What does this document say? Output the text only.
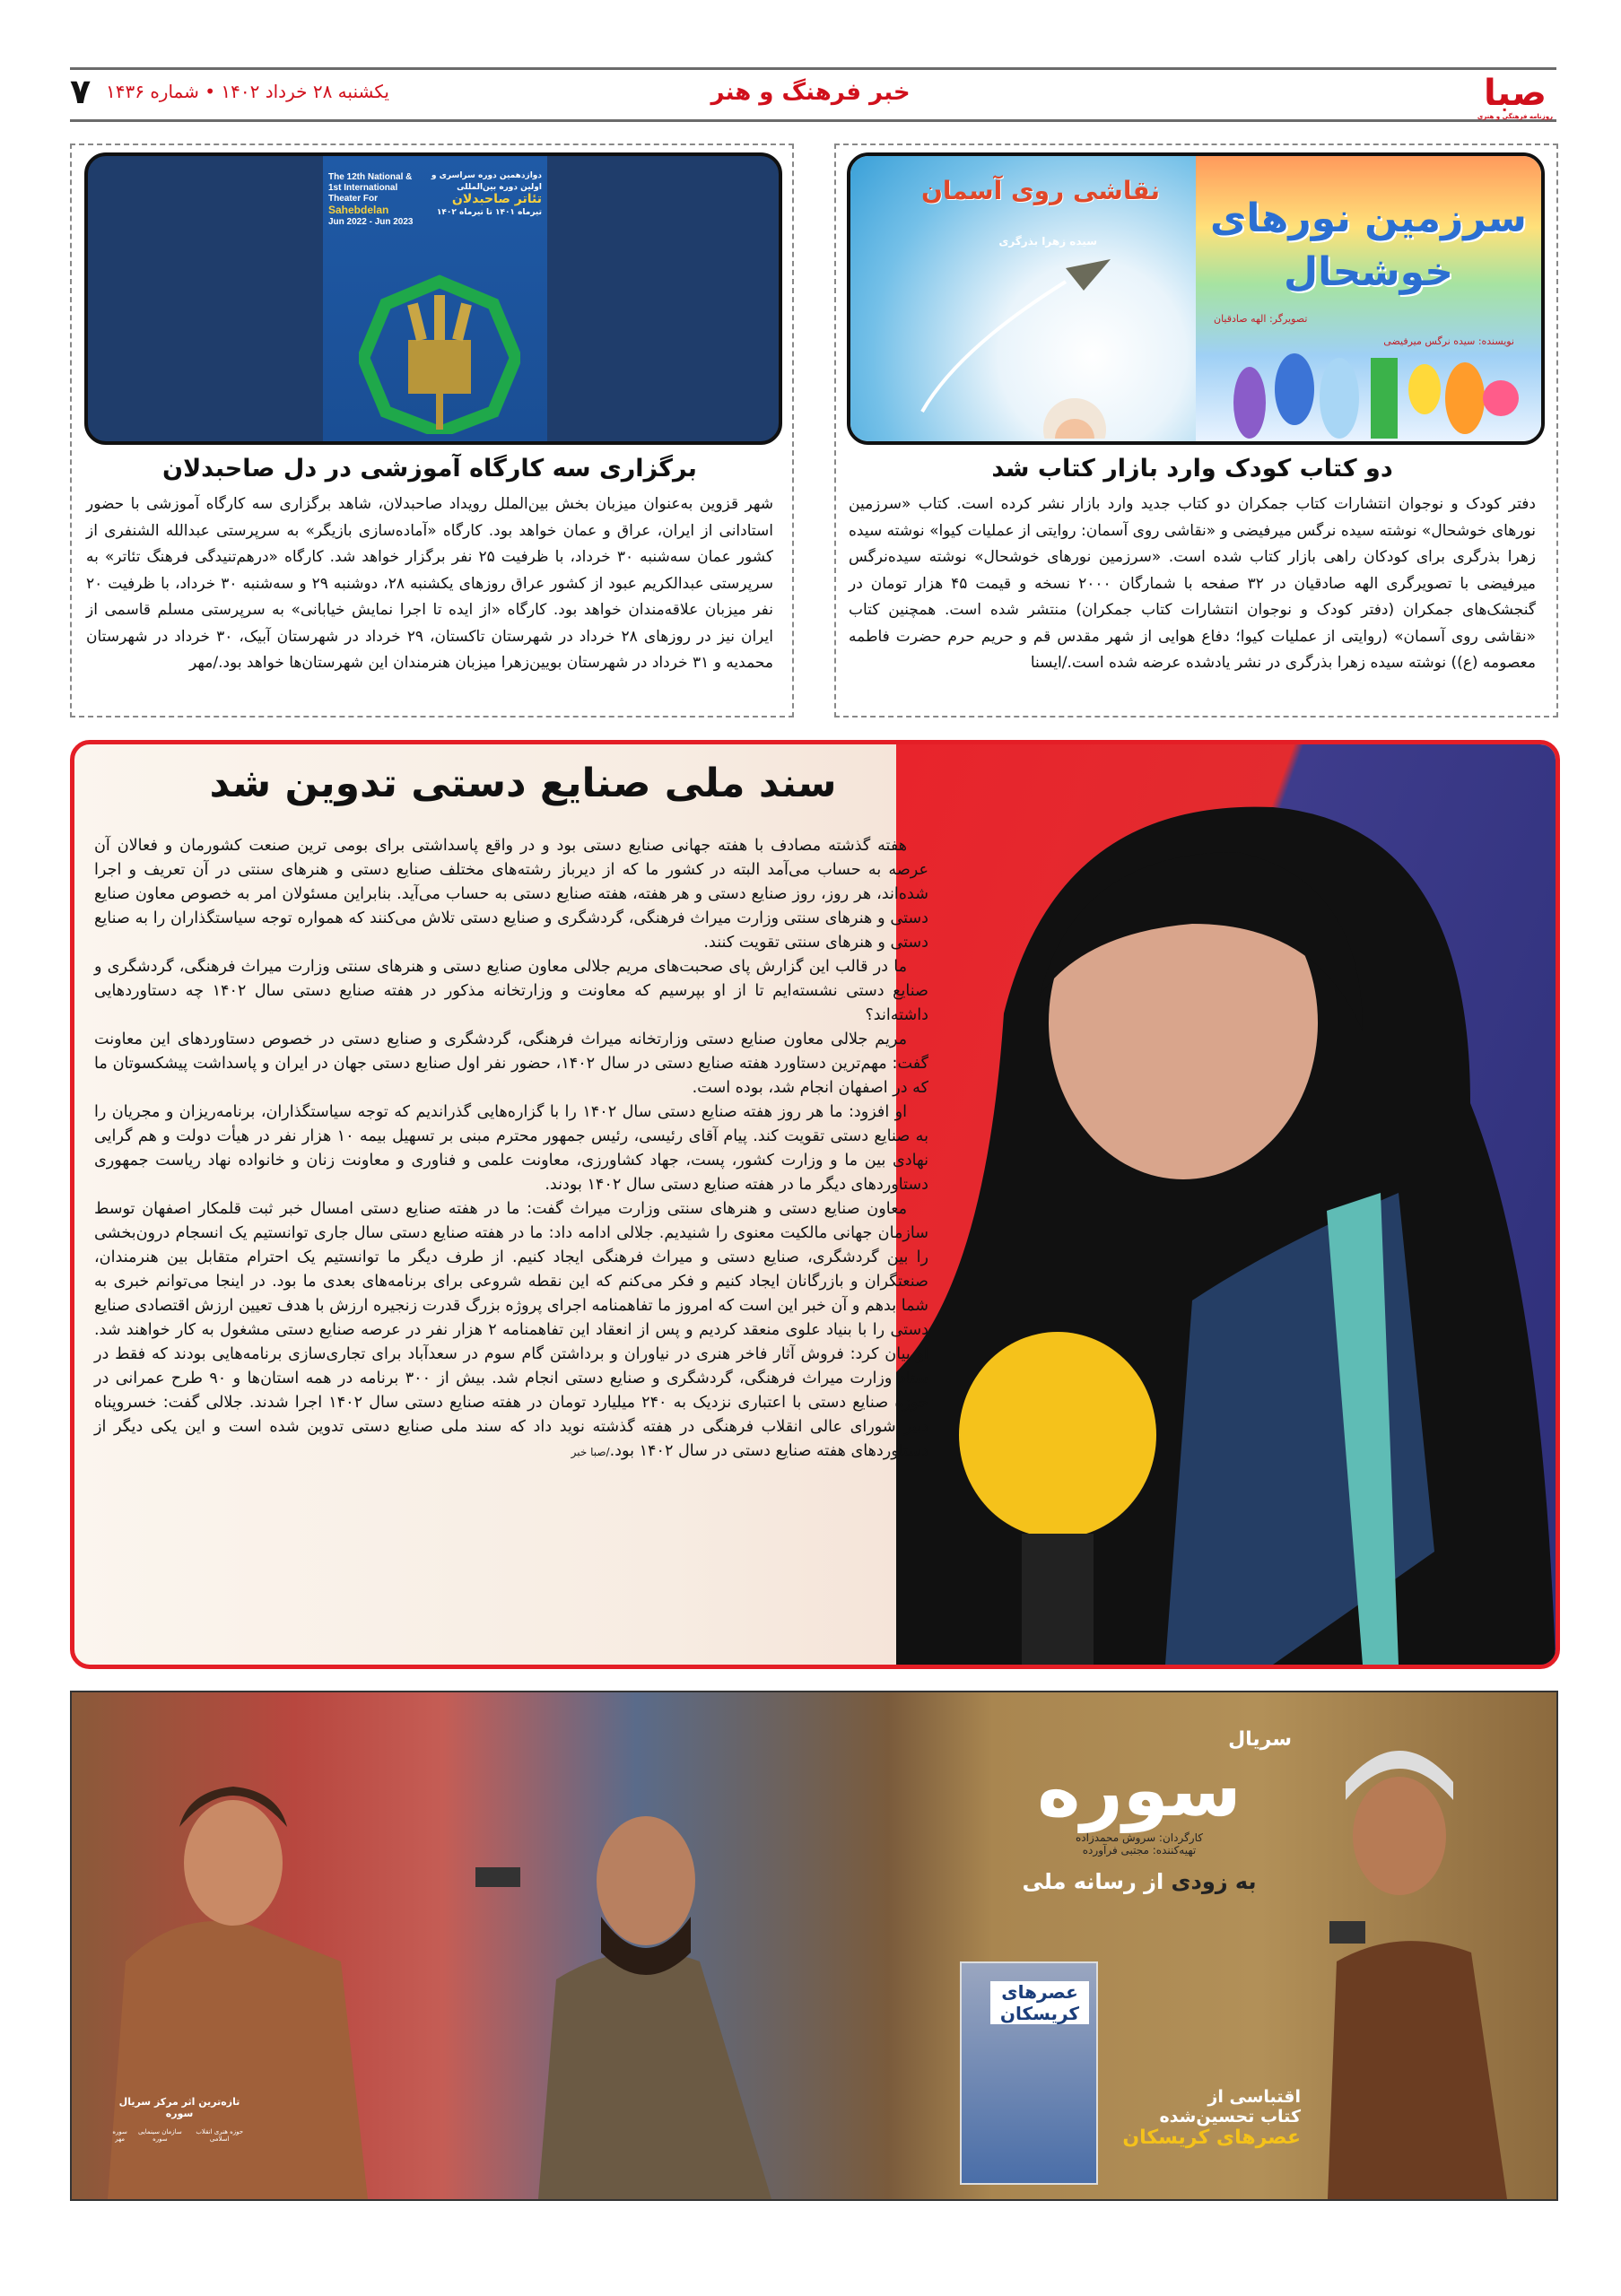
صبا
روزنامه فرهنگی و هنری
خبر فرهنگ و هنر
یکشنبه ۲۸ خرداد ۱۴۰۲ • شماره ۱۴۳۶
۷
سرزمین نورهای خوشحال
نویسنده: سیده نرگس میرفیضی
تصویرگر: الهه صادقیان
نقاشی روی آسمان
سیده زهرا بذرگری
دو کتاب کودک وارد بازار کتاب شد
دفتر کودک و نوجوان انتشارات کتاب جمکران دو کتاب جدید وارد بازار نشر کرده است. کتاب «سرزمین نورهای خوشحال» نوشته سیده نرگس میرفیضی و «نقاشی روی آسمان: روایتی از عملیات کیوا» نوشته سیده زهرا بذرگری برای کودکان راهی بازار کتاب شده است. «سرزمین نورهای خوشحال» نوشته سیده‌نرگس میرفیضی با تصویرگری الهه صادقیان در ۳۲ صفحه با شمارگان ۲۰۰۰ نسخه و قیمت ۴۵ هزار تومان در گنجشک‌های جمکران (دفتر کودک و نوجوان انتشارات کتاب جمکران) منتشر شده است. همچنین کتاب «نقاشی روی آسمان» (روایتی از عملیات کیوا؛ دفاع هوایی از شهر مقدس قم و حریم حرم حضرت فاطمه معصومه (ع)) نوشته سیده زهرا بذرگری در نشر یادشده عرضه شده است./ایسنا
The 12th National & 1st International Theater For
Sahebdelan
Jun 2022 - Jun 2023
دوازدهمین دوره سراسری و اولین دوره بین‌المللی
تئاتر صاحبدلان
تیرماه ۱۴۰۱ تا تیرماه ۱۴۰۲
برگزاری سه کارگاه آموزشی در دل صاحبدلان
شهر قزوین به‌عنوان میزبان بخش بین‌الملل رویداد صاحبدلان، شاهد برگزاری سه کارگاه آموزشی با حضور استادانی از ایران، عراق و عمان خواهد بود. کارگاه «آماده‌سازی بازیگر» به سرپرستی عبدالله الشنفری از کشور عمان سه‌شنبه ۳۰ خرداد، با ظرفیت ۲۵ نفر برگزار خواهد شد. کارگاه «درهم‌تنیدگی فرهنگ تئاتر» به سرپرستی عبدالکریم عبود از کشور عراق روزهای یکشنبه ۲۸، دوشنبه ۲۹ و سه‌شنبه ۳۰ خرداد، با ظرفیت ۲۰ نفر میزبان علاقه‌مندان خواهد بود. کارگاه «از ایده تا اجرا نمایش خیابانی» به سرپرستی مسلم قاسمی از ایران نیز در روزهای ۲۸ خرداد در شهرستان تاکستان، ۲۹ خرداد در شهرستان آبیک، ۳۰ خرداد در شهرستان محمدیه و ۳۱ خرداد در شهرستان بویین‌زهرا میزبان هنرمندان این شهرستان‌ها خواهد بود./مهر
سند ملی صنایع دستی تدوین شد

هفته گذشته مصادف با هفته جهانی صنایع دستی بود و در واقع پاسداشتی برای بومی ترین صنعت کشورمان و فعالان آن عرصه به حساب می‌آمد البته در کشور ما که از دیرباز رشته‌های مختلف صنایع دستی و هنرهای سنتی در آن تعریف و اجرا شده‌اند، هر روز، روز صنایع دستی و هر هفته، هفته صنایع دستی به حساب می‌آید. بنابراین مسئولان امر به خصوص معاون صنایع دستی و هنرهای سنتی وزارت میراث فرهنگی، گردشگری و صنایع دستی تلاش می‌کنند که همواره توجه سیاستگذاران را به صنایع دستی و هنرهای سنتی تقویت کنند.

ما در قالب این گزارش پای صحبت‌های مریم جلالی معاون صنایع دستی و هنرهای سنتی وزارت میراث فرهنگی، گردشگری و صنایع دستی نشسته‌ایم تا از او بپرسیم که معاونت و وزارتخانه مذکور در هفته صنایع دستی سال ۱۴۰۲ چه دستاوردهایی داشته‌اند؟

مریم جلالی معاون صنایع دستی وزارتخانه میراث فرهنگی، گردشگری و صنایع دستی در خصوص دستاوردهای این معاونت گفت: مهم‌ترین دستاورد هفته صنایع دستی در سال ۱۴۰۲، حضور نفر اول صنایع دستی جهان در ایران و پاسداشت پیشکسوتان ما که در اصفهان انجام شد، بوده است.

او افزود: ما هر روز هفته صنایع دستی سال ۱۴۰۲ را با گزاره‌هایی گذراندیم که توجه سیاستگذاران، برنامه‌ریزان و مجریان را به صنایع دستی تقویت کند. پیام آقای رئیسی، رئیس جمهور محترم مبنی بر تسهیل بیمه ۱۰ هزار نفر در هیأت دولت و هم گرایی نهادی بین ما و وزارت کشور، پست، جهاد کشاورزی، معاونت علمی و فناوری و معاونت زنان و خانواده نهاد ریاست جمهوری دستاوردهای دیگر ما در هفته صنایع دستی سال ۱۴۰۲ بودند.

معاون صنایع دستی و هنرهای سنتی وزارت میراث گفت: ما در هفته صنایع دستی امسال خبر ثبت قلمکار اصفهان توسط سازمان جهانی مالکیت معنوی را شنیدیم. جلالی ادامه داد: ما در هفته صنایع دستی سال جاری توانستیم یک انسجام درون‌بخشی را بین گردشگری، صنایع دستی و میراث فرهنگی ایجاد کنیم. از طرف دیگر ما توانستیم یک احترام متقابل بین هنرمندان، صنعتگران و بازرگانان ایجاد کنیم و فکر می‌کنم که این نقطه شروعی برای برنامه‌های بعدی ما بود. در اینجا می‌توانم خبری به شما بدهم و آن خبر این است که امروز ما تفاهمنامه اجرای پروژه بزرگ قدرت زنجیره ارزش با هدف تعیین ارزش اقتصادی صنایع دستی را با بنیاد علوی منعقد کردیم و پس از انعقاد این تفاهمنامه ۲ هزار نفر در عرصه صنایع دستی مشغول به کار خواهند شد. او بیان کرد: فروش آثار فاخر هنری در نیاوران و برداشتن گام سوم در سعدآباد برای تجاری‌سازی برنامه‌هایی بودند که فقط در ستاد وزارت میراث فرهنگی، گردشگری و صنایع دستی انجام شد. بیش از ۳۰۰ برنامه در همه استان‌ها و ۹۰ طرح عمرانی در حوزه صنایع دستی با اعتباری نزدیک به ۲۴۰ میلیارد تومان در هفته صنایع دستی سال ۱۴۰۲ اجرا شدند. جلالی گفت: خسروپناه دبیر شورای عالی انقلاب فرهنگی در هفته گذشته نوید داد که سند ملی صنایع دستی تدوین شده است و این یکی دیگر از دستاوردهای هفته صنایع دستی در سال ۱۴۰۲ بود./صبا خبر

سریال
سوره
کارگردان: سروش محمدزاده
تهیه‌کننده: مجتبی فرآورده
به زودی از رسانه ملی
عصرهای کریسکان
اقتباسی از
کتاب تحسین‌شده
عصرهای کریسکان
تازه‌ترین اثر مرکز سریال سوره
حوزه هنری انقلاب اسلامی
سازمان سینمایی سوره
سوره مهر
